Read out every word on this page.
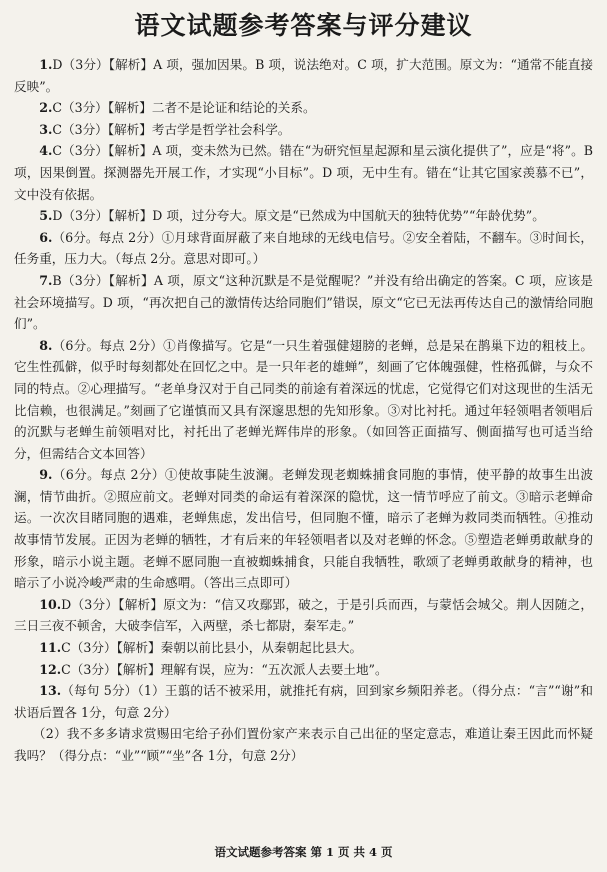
语文试题参考答案与评分建议

1.D（3分）【解析】A 项，强加因果。B 项，说法绝对。C 项，扩大范围。原文为：“通常不能直接反映”。

2.C（3分）【解析】二者不是论证和结论的关系。

3.C（3分）【解析】考古学是哲学社会科学。

4.C（3分）【解析】A 项，变未然为已然。错在“为研究恒星起源和星云演化提供了”，应是“将”。B 项，因果倒置。探测器先开展工作，才实现“小目标”。D 项，无中生有。错在“让其它国家羡慕不已”，文中没有依据。

5.D（3分）【解析】D 项，过分夸大。原文是“已然成为中国航天的独特优势”“年龄优势”。

6.（6分。每点 2分）①月球背面屏蔽了来自地球的无线电信号。②安全着陆，不翻车。③时间长，任务重，压力大。（每点 2分。意思对即可。）

7.B（3分）【解析】A 项，原文“这种沉默是不是觉醒呢？”并没有给出确定的答案。C 项，应该是社会环境描写。D 项，“再次把自己的激情传达给同胞们”错误，原文“它已无法再传达自己的激情给同胞们”。

8.（6分。每点 2分）①肖像描写。它是“一只生着强健翅膀的老蝉，总是呆在鹊巢下边的粗枝上。它生性孤僻，似乎时每刻都处在回忆之中。是一只年老的雄蝉”，刻画了它体魄强健，性格孤僻，与众不同的特点。②心理描写。“老单身汉对于自己同类的前途有着深远的忧虑，它觉得它们对这现世的生活无比信赖，也很满足。”刻画了它谨慎而又具有深邃思想的先知形象。③对比衬托。通过年轻领唱者领唱后的沉默与老蝉生前领唱对比，衬托出了老蝉光辉伟岸的形象。（如回答正面描写、侧面描写也可适当给分，但需结合文本回答）

9.（6分。每点 2分）①使故事陡生波澜。老蝉发现老蜘蛛捕食同胞的事情，使平静的故事生出波澜，情节曲折。②照应前文。老蝉对同类的命运有着深深的隐忧，这一情节呼应了前文。③暗示老蝉命运。一次次目睹同胞的遇难，老蝉焦虑，发出信号，但同胞不懂，暗示了老蝉为救同类而牺牲。④推动故事情节发展。正因为老蝉的牺牲，才有后来的年轻领唱者以及对老蝉的怀念。⑤塑造老蝉勇敢献身的形象，暗示小说主题。老蝉不愿同胞一直被蜘蛛捕食，只能自我牺牲，歌颂了老蝉勇敢献身的精神，也暗示了小说冷峻严肃的生命感喟。（答出三点即可）

10.D（3分）【解析】原文为：“信又攻鄢郢，破之，于是引兵而西，与蒙恬会城父。荆人因随之，三日三夜不顿舍，大破李信军，入两壁，杀七都尉，秦军走。”

11.C（3分）【解析】秦朝以前比县小，从秦朝起比县大。

12.C（3分）【解析】理解有误，应为：“五次派人去要土地”。

13.（每句 5分）（1）王翦的话不被采用，就推托有病，回到家乡频阳养老。（得分点：“言”“谢”和状语后置各 1分，句意 2分）

（2）我不多多请求赏赐田宅给子孙们置份家产来表示自己出征的坚定意志，难道让秦王因此而怀疑我吗？（得分点：“业”“顾”“坐”各 1分，句意 2分）

语文试题参考答案 第 1 页 共 4 页
